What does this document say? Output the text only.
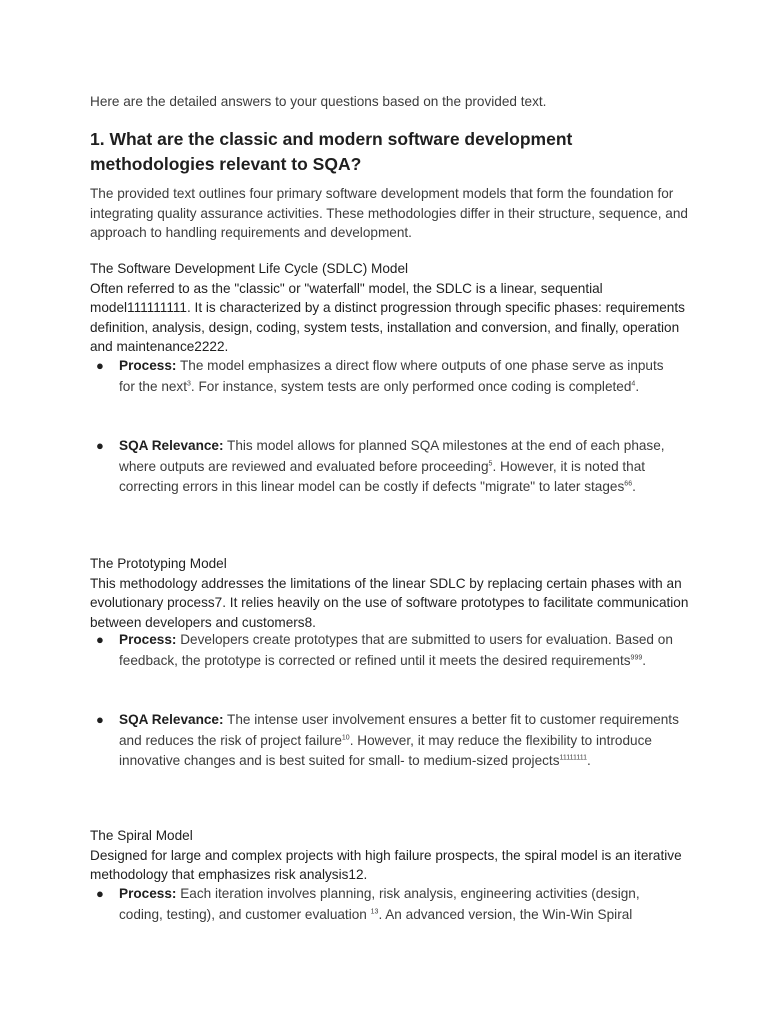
Here are the detailed answers to your questions based on the provided text.
1. What are the classic and modern software development methodologies relevant to SQA?
The provided text outlines four primary software development models that form the foundation for integrating quality assurance activities. These methodologies differ in their structure, sequence, and approach to handling requirements and development.
The Software Development Life Cycle (SDLC) Model
Often referred to as the "classic" or "waterfall" model, the SDLC is a linear, sequential model111111111. It is characterized by a distinct progression through specific phases: requirements definition, analysis, design, coding, system tests, installation and conversion, and finally, operation and maintenance2222.
● Process: The model emphasizes a direct flow where outputs of one phase serve as inputs for the next$^3$. For instance, system tests are only performed once coding is completed$^4$.
● SQA Relevance: This model allows for planned SQA milestones at the end of each phase, where outputs are reviewed and evaluated before proceeding$^5$. However, it is noted that correcting errors in this linear model can be costly if defects "migrate" to later stages$^{66}$.
The Prototyping Model
This methodology addresses the limitations of the linear SDLC by replacing certain phases with an evolutionary process7. It relies heavily on the use of software prototypes to facilitate communication between developers and customers8.
● Process: Developers create prototypes that are submitted to users for evaluation. Based on feedback, the prototype is corrected or refined until it meets the desired requirements$^{999}$.
● SQA Relevance: The intense user involvement ensures a better fit to customer requirements and reduces the risk of project failure$^{10}$. However, it may reduce the flexibility to introduce innovative changes and is best suited for small- to medium-sized projects$^{11111111}$.
The Spiral Model
Designed for large and complex projects with high failure prospects, the spiral model is an iterative methodology that emphasizes risk analysis12.
● Process: Each iteration involves planning, risk analysis, engineering activities (design, coding, testing), and customer evaluation $^{13}$. An advanced version, the Win-Win Spiral
